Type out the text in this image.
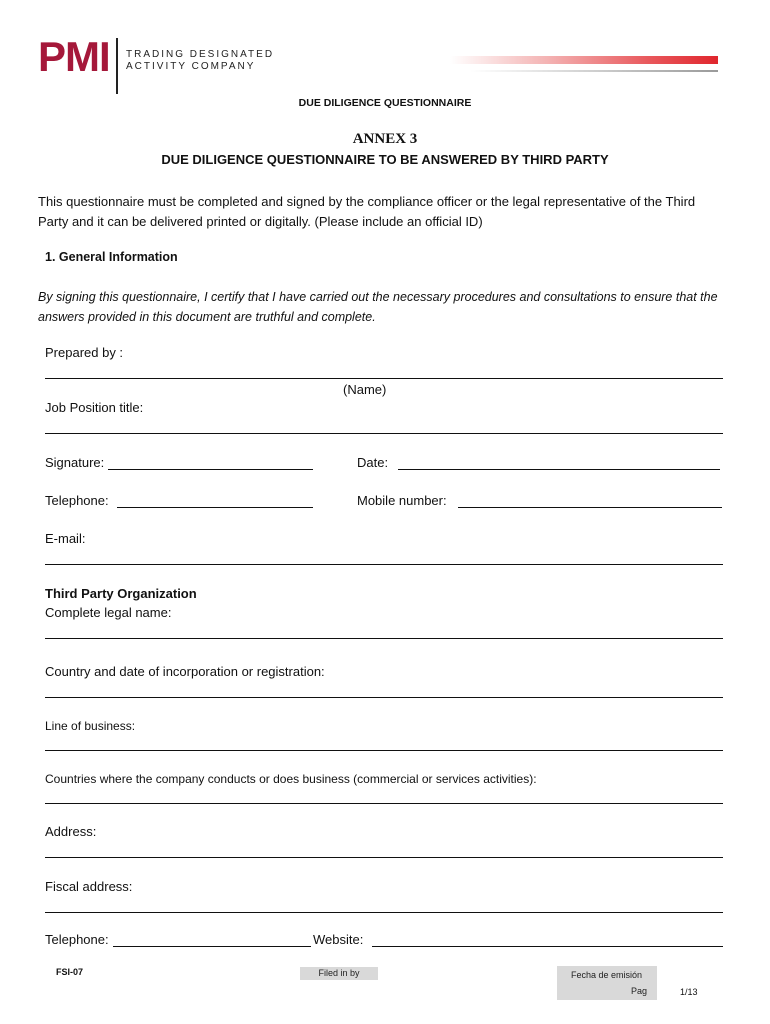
PMI TRADING DESIGNATED
ACTIVITY COMPANY
DUE DILIGENCE QUESTIONNAIRE
ANNEX 3
DUE DILIGENCE QUESTIONNAIRE TO BE ANSWERED BY THIRD PARTY
This questionnaire must be completed and signed by the compliance officer or the legal representative of the Third Party and it can be delivered printed or digitally. (Please include an official ID)
1. General Information
By signing this questionnaire, I certify that I have carried out the necessary procedures and consultations to ensure that the answers provided in this document are truthful and complete.
Prepared by :
(Name)
Job Position title:
Signature:	Date:
Telephone:	Mobile number:
E-mail:
Third Party Organization
Complete legal name:
Country and date of incorporation or registration:
Line of business:
Countries where the company conducts or does business (commercial or services activities):
Address:
Fiscal address:
Telephone:	Website:
FSI-07	Filed in by	Fecha de emisión
Pag	1/13
